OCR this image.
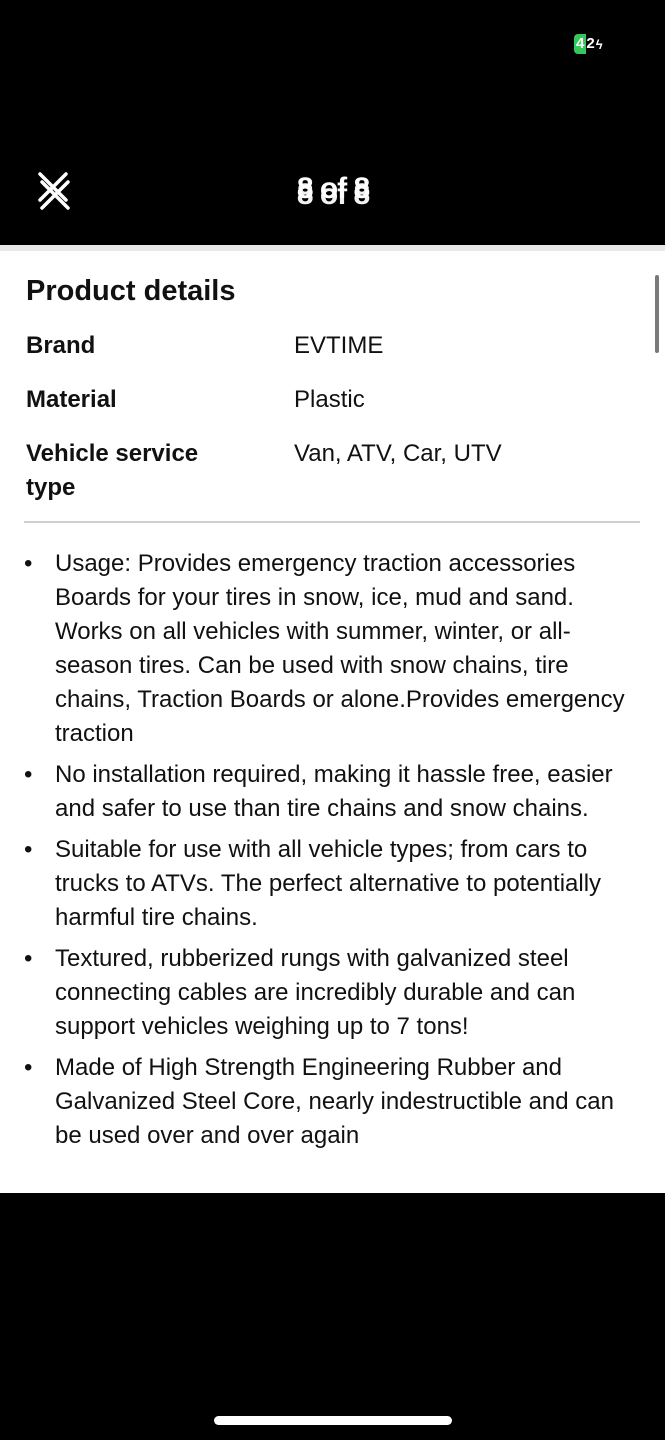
4 2 ϟ
8 of 8
Product details
Brand	EVTIME
Material	Plastic
Vehicle service type
Van, ATV, Car, UTV
• Usage: Provides emergency traction accessories Boards for your tires in snow, ice, mud and sand. Works on all vehicles with summer, winter, or all-season tires. Can be used with snow chains, tire chains, Traction Boards or alone.Provides emergency traction
• No installation required, making it hassle free, easier and safer to use than tire chains and snow chains.
• Suitable for use with all vehicle types; from cars to trucks to ATVs. The perfect alternative to potentially harmful tire chains.
• Textured, rubberized rungs with galvanized steel connecting cables are incredibly durable and can support vehicles weighing up to 7 tons!
• Made of High Strength Engineering Rubber and Galvanized Steel Core, nearly indestructible and can be used over and over again
